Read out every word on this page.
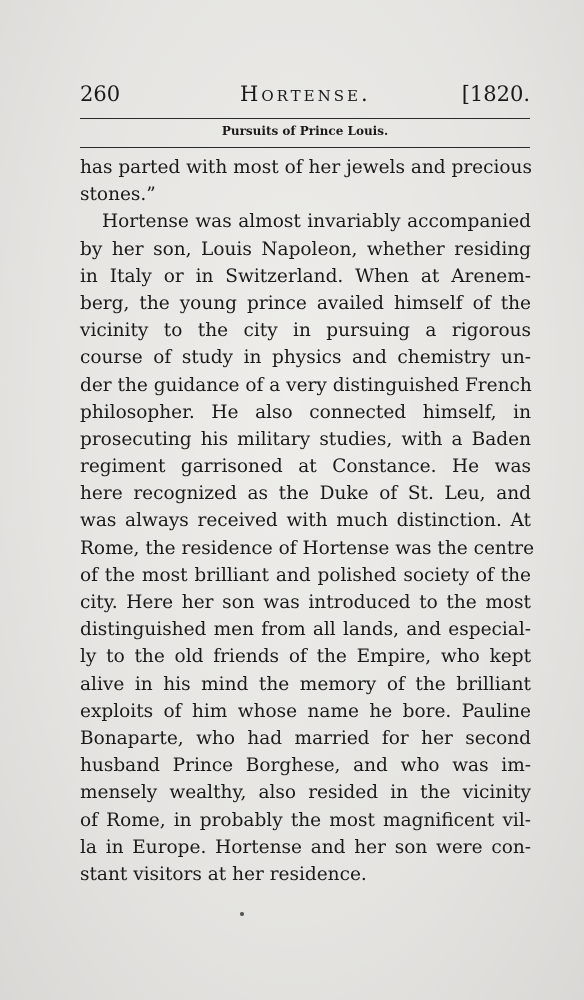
260	Hortense.	[1820.
Pursuits of Prince Louis.
has parted with most of her jewels and precious
stones.”
Hortense was almost invariably accompanied
by her son, Louis Napoleon, whether residing
in Italy or in Switzerland. When at Arenem-
berg, the young prince availed himself of the
vicinity to the city in pursuing a rigorous
course of study in physics and chemistry un-
der the guidance of a very distinguished French
philosopher. He also connected himself, in
prosecuting his military studies, with a Baden
regiment garrisoned at Constance. He was
here recognized as the Duke of St. Leu, and
was always received with much distinction. At
Rome, the residence of Hortense was the centre
of the most brilliant and polished society of the
city. Here her son was introduced to the most
distinguished men from all lands, and especial-
ly to the old friends of the Empire, who kept
alive in his mind the memory of the brilliant
exploits of him whose name he bore. Pauline
Bonaparte, who had married for her second
husband Prince Borghese, and who was im-
mensely wealthy, also resided in the vicinity
of Rome, in probably the most magnificent vil-
la in Europe. Hortense and her son were con-
stant visitors at her residence.
